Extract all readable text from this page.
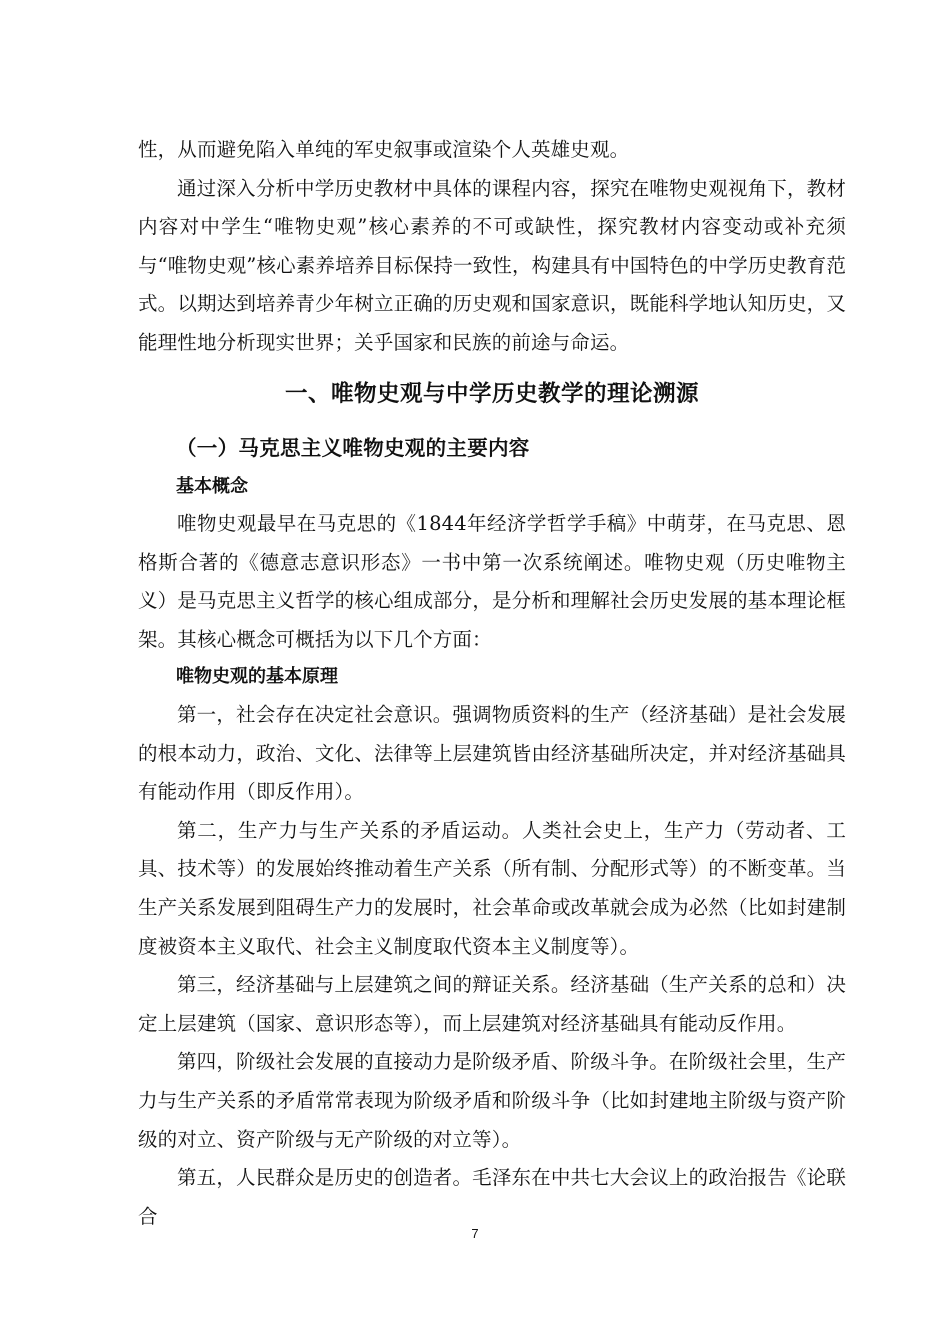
性，从而避免陷入单纯的军史叙事或渲染个人英雄史观。

通过深入分析中学历史教材中具体的课程内容，探究在唯物史观视角下，教材内容对中学生“唯物史观”核心素养的不可或缺性，探究教材内容变动或补充须与“唯物史观”核心素养培养目标保持一致性，构建具有中国特色的中学历史教育范式。以期达到培养青少年树立正确的历史观和国家意识，既能科学地认知历史，又能理性地分析现实世界；关乎国家和民族的前途与命运。

一、唯物史观与中学历史教学的理论溯源
（一）马克思主义唯物史观的主要内容
基本概念

唯物史观最早在马克思的《1844年经济学哲学手稿》中萌芽，在马克思、恩格斯合著的《德意志意识形态》一书中第一次系统阐述。唯物史观（历史唯物主义）是马克思主义哲学的核心组成部分，是分析和理解社会历史发展的基本理论框架。其核心概念可概括为以下几个方面：

唯物史观的基本原理

第一，社会存在决定社会意识。强调物质资料的生产（经济基础）是社会发展的根本动力，政治、文化、法律等上层建筑皆由经济基础所决定，并对经济基础具有能动作用（即反作用）。

第二，生产力与生产关系的矛盾运动。人类社会史上，生产力（劳动者、工具、技术等）的发展始终推动着生产关系（所有制、分配形式等）的不断变革。当生产关系发展到阻碍生产力的发展时，社会革命或改革就会成为必然（比如封建制度被资本主义取代、社会主义制度取代资本主义制度等）。

第三，经济基础与上层建筑之间的辩证关系。经济基础（生产关系的总和）决定上层建筑（国家、意识形态等），而上层建筑对经济基础具有能动反作用。

第四，阶级社会发展的直接动力是阶级矛盾、阶级斗争。在阶级社会里，生产力与生产关系的矛盾常常表现为阶级矛盾和阶级斗争（比如封建地主阶级与资产阶级的对立、资产阶级与无产阶级的对立等）。

第五，人民群众是历史的创造者。毛泽东在中共七大会议上的政治报告《论联合

7
